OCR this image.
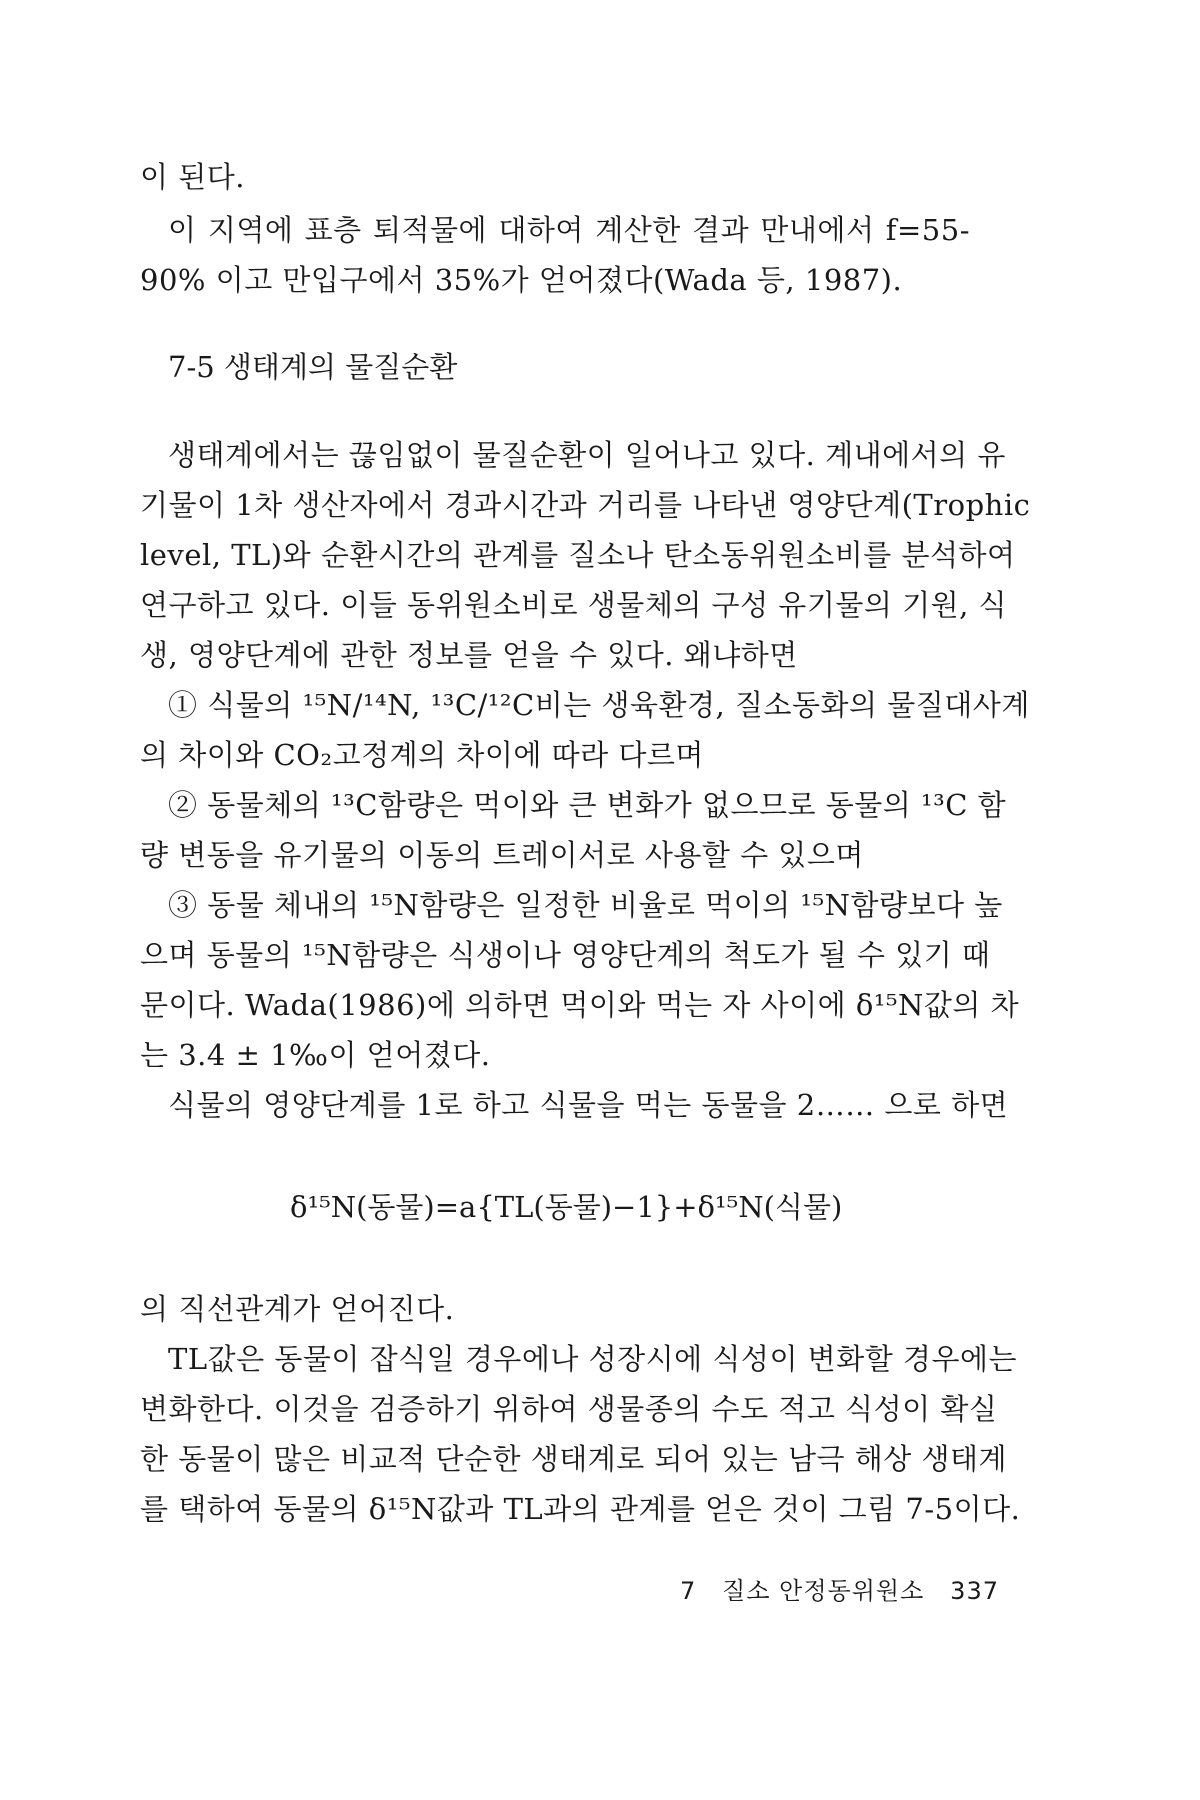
이 된다.
이 지역에 표층 퇴적물에 대하여 계산한 결과 만내에서 f=55-
90% 이고 만입구에서 35%가 얻어졌다(Wada 등, 1987).
7-5 생태계의 물질순환
생태계에서는 끊임없이 물질순환이 일어나고 있다. 계내에서의 유
기물이 1차 생산자에서 경과시간과 거리를 나타낸 영양단계(Trophic
level, TL)와 순환시간의 관계를 질소나 탄소동위원소비를 분석하여
연구하고 있다. 이들 동위원소비로 생물체의 구성 유기물의 기원, 식
생, 영양단계에 관한 정보를 얻을 수 있다. 왜냐하면
① 식물의 ¹⁵N/¹⁴N, ¹³C/¹²C비는 생육환경, 질소동화의 물질대사계
의 차이와 CO₂고정계의 차이에 따라 다르며
② 동물체의 ¹³C함량은 먹이와 큰 변화가 없으므로 동물의 ¹³C 함
량 변동을 유기물의 이동의 트레이서로 사용할 수 있으며
③ 동물 체내의 ¹⁵N함량은 일정한 비율로 먹이의 ¹⁵N함량보다 높
으며 동물의 ¹⁵N함량은 식생이나 영양단계의 척도가 될 수 있기 때
문이다. Wada(1986)에 의하면 먹이와 먹는 자 사이에 δ¹⁵N값의 차
는 3.4 ± 1‰이 얻어졌다.
식물의 영양단계를 1로 하고 식물을 먹는 동물을 2…… 으로 하면
δ¹⁵N(동물)=a{TL(동물)−1}+δ¹⁵N(식물)
의 직선관계가 얻어진다.
TL값은 동물이 잡식일 경우에나 성장시에 식성이 변화할 경우에는
변화한다. 이것을 검증하기 위하여 생물종의 수도 적고 식성이 확실
한 동물이 많은 비교적 단순한 생태계로 되어 있는 남극 해상 생태계
를 택하여 동물의 δ¹⁵N값과 TL과의 관계를 얻은 것이 그림 7-5이다.
7 질소 안정동위원소 337
